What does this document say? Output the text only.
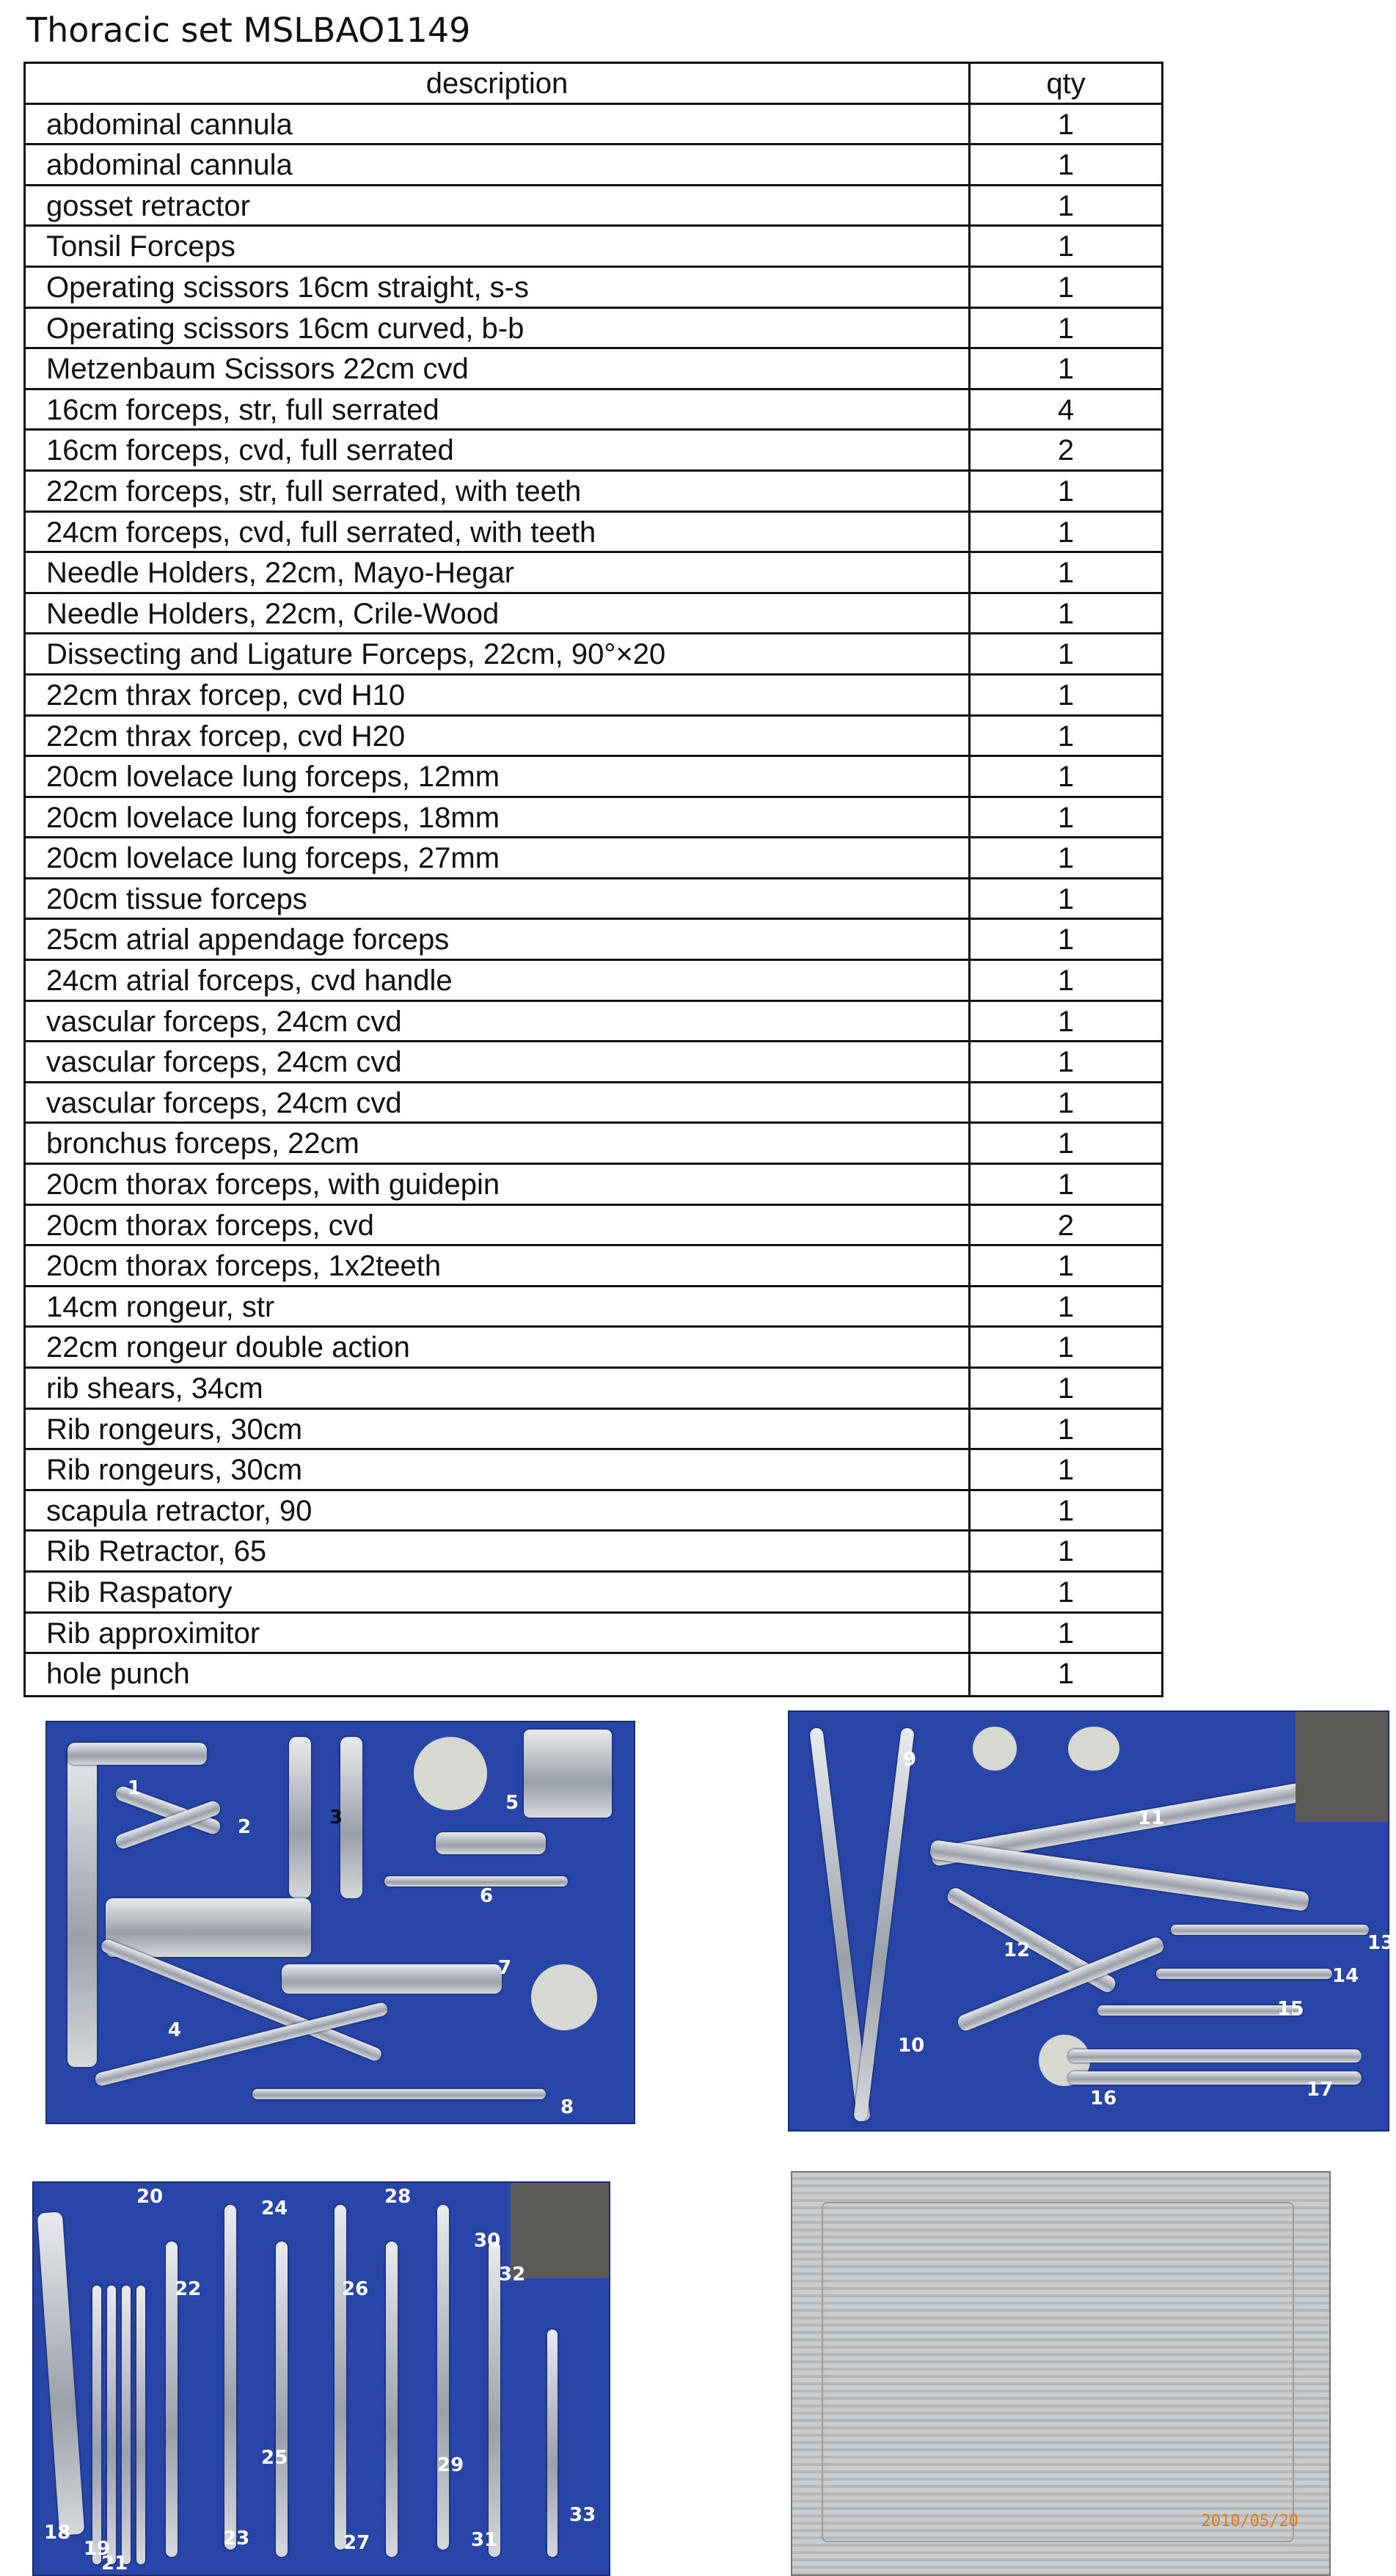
Thoracic set MSLBAO1149
description	qty
abdominal cannula	1
abdominal cannula	1
gosset retractor	1
Tonsil Forceps	1
Operating scissors 16cm straight, s-s	1
Operating scissors 16cm curved, b-b	1
Metzenbaum Scissors 22cm cvd	1
16cm forceps, str, full serrated	4
16cm forceps, cvd, full serrated	2
22cm forceps, str, full serrated, with teeth	1
24cm forceps, cvd, full serrated, with teeth	1
Needle Holders, 22cm, Mayo-Hegar	1
Needle Holders, 22cm, Crile-Wood	1
Dissecting and Ligature Forceps, 22cm, 90°×20	1
22cm thrax forcep, cvd H10	1
22cm thrax forcep, cvd H20	1
20cm lovelace lung forceps, 12mm	1
20cm lovelace lung forceps, 18mm	1
20cm lovelace lung forceps, 27mm	1
20cm tissue forceps	1
25cm atrial appendage forceps	1
24cm atrial forceps, cvd handle	1
vascular forceps, 24cm cvd	1
vascular forceps, 24cm cvd	1
vascular forceps, 24cm cvd	1
bronchus forceps, 22cm	1
20cm thorax forceps, with guidepin	1
20cm thorax forceps, cvd	2
20cm thorax forceps, 1x2teeth	1
14cm rongeur, str	1
22cm rongeur double action	1
rib shears, 34cm	1
Rib rongeurs, 30cm	1
Rib rongeurs, 30cm	1
scapula retractor, 90	1
Rib Retractor, 65	1
Rib Raspatory	1
Rib approximitor	1
hole punch	1
1
2	3
5
6
7
4
8
9
10
11
12	13
14
15
16	17
18
19
20
21
22
23
24
25
26
27
28
29
30
31
32
33	2010/05/20
